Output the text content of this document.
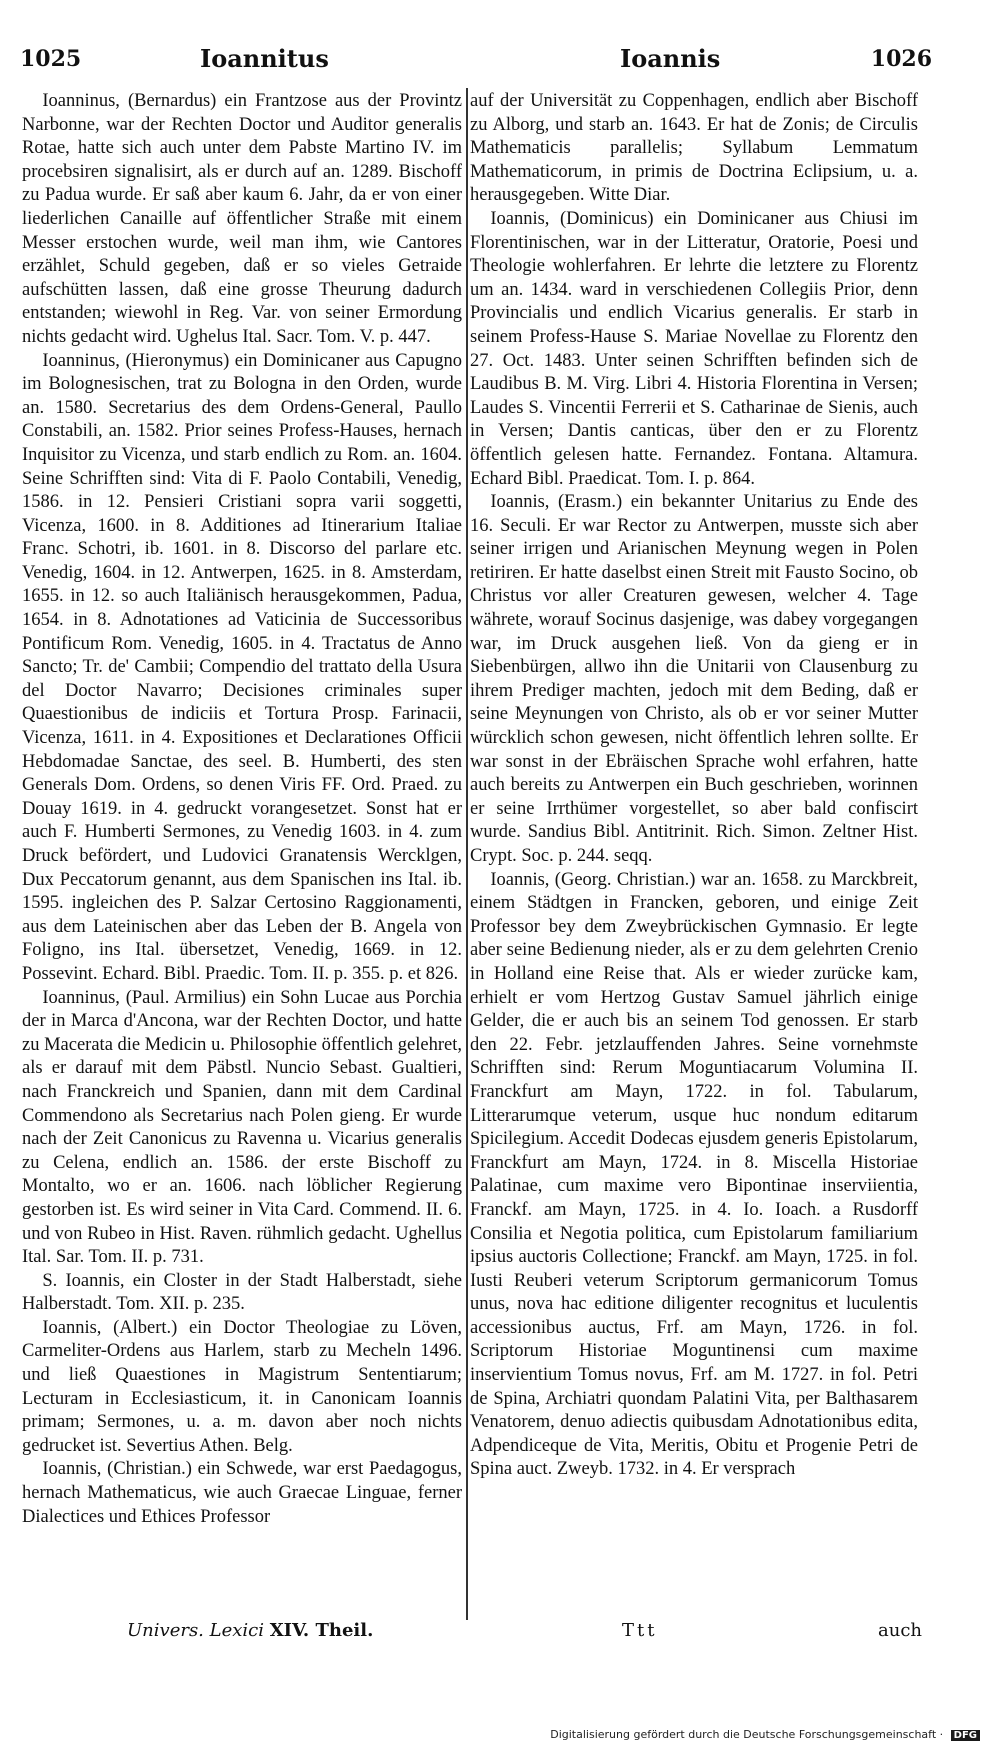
1025	Ioannitus	Ioannis	1026

Ioanninus, (Bernardus) ein Frantzose aus der Provintz Narbonne, war der Rechten Doctor und Auditor generalis Rotae, hatte sich auch unter dem Pabste Martino IV. im procebsiren signalisirt, als er durch auf an. 1289. Bischoff zu Padua wurde. Er saß aber kaum 6. Jahr, da er von einer liederlichen Canaille auf öffentlicher Straße mit einem Messer erstochen wurde, weil man ihm, wie Cantores erzählet, Schuld gegeben, daß er so vieles Getraide aufschütten lassen, daß eine grosse Theurung dadurch entstanden; wiewohl in Reg. Var. von seiner Ermordung nichts gedacht wird. Ughelus Ital. Sacr. Tom. V. p. 447.

Ioanninus, (Hieronymus) ein Dominicaner aus Capugno im Bolognesischen, trat zu Bologna in den Orden, wurde an. 1580. Secretarius des dem Ordens-General, Paullo Constabili, an. 1582. Prior seines Profess-Hauses, hernach Inquisitor zu Vicenza, und starb endlich zu Rom. an. 1604. Seine Schrifften sind: Vita di F. Paolo Contabili, Venedig, 1586. in 12. Pensieri Cristiani sopra varii soggetti, Vicenza, 1600. in 8. Additiones ad Itinerarium Italiae Franc. Schotri, ib. 1601. in 8. Discorso del parlare etc. Venedig, 1604. in 12. Antwerpen, 1625. in 8. Amsterdam, 1655. in 12. so auch Italiänisch herausgekommen, Padua, 1654. in 8. Adnotationes ad Vaticinia de Successoribus Pontificum Rom. Venedig, 1605. in 4. Tractatus de Anno Sancto; Tr. de' Cambii; Compendio del trattato della Usura del Doctor Navarro; Decisiones criminales super Quaestionibus de indiciis et Tortura Prosp. Farinacii, Vicenza, 1611. in 4. Expositiones et Declarationes Officii Hebdomadae Sanctae, des seel. B. Humberti, des sten Generals Dom. Ordens, so denen Viris FF. Ord. Praed. zu Douay 1619. in 4. gedruckt vorangesetzet. Sonst hat er auch F. Humberti Sermones, zu Venedig 1603. in 4. zum Druck befördert, und Ludovici Granatensis Wercklgen, Dux Peccatorum genannt, aus dem Spanischen ins Ital. ib. 1595. ingleichen des P. Salzar Certosino Raggionamenti, aus dem Lateinischen aber das Leben der B. Angela von Foligno, ins Ital. übersetzet, Venedig, 1669. in 12. Possevint. Echard. Bibl. Praedic. Tom. II. p. 355. p. et 826.

Ioanninus, (Paul. Armilius) ein Sohn Lucae aus Porchia der in Marca d'Ancona, war der Rechten Doctor, und hatte zu Macerata die Medicin u. Philosophie öffentlich gelehret, als er darauf mit dem Päbstl. Nuncio Sebast. Gualtieri, nach Franckreich und Spanien, dann mit dem Cardinal Commendono als Secretarius nach Polen gieng. Er wurde nach der Zeit Canonicus zu Ravenna u. Vicarius generalis zu Celena, endlich an. 1586. der erste Bischoff zu Montalto, wo er an. 1606. nach löblicher Regierung gestorben ist. Es wird seiner in Vita Card. Commend. II. 6. und von Rubeo in Hist. Raven. rühmlich gedacht. Ughellus Ital. Sar. Tom. II. p. 731.

S. Ioannis, ein Closter in der Stadt Halberstadt, siehe Halberstadt. Tom. XII. p. 235.

Ioannis, (Albert.) ein Doctor Theologiae zu Löven, Carmeliter-Ordens aus Harlem, starb zu Mecheln 1496. und ließ Quaestiones in Magistrum Sententiarum; Lecturam in Ecclesiasticum, it. in Canonicam Ioannis primam; Sermones, u. a. m. davon aber noch nichts gedrucket ist. Severtius Athen. Belg.

Ioannis, (Christian.) ein Schwede, war erst Paedagogus, hernach Mathematicus, wie auch Graecae Linguae, ferner Dialectices und Ethices Professor

auf der Universität zu Coppenhagen, endlich aber Bischoff zu Alborg, und starb an. 1643. Er hat de Zonis; de Circulis Mathematicis parallelis; Syllabum Lemmatum Mathematicorum, in primis de Doctrina Eclipsium, u. a. herausgegeben. Witte Diar.

Ioannis, (Dominicus) ein Dominicaner aus Chiusi im Florentinischen, war in der Litteratur, Oratorie, Poesi und Theologie wohlerfahren. Er lehrte die letztere zu Florentz um an. 1434. ward in verschiedenen Collegiis Prior, denn Provincialis und endlich Vicarius generalis. Er starb in seinem Profess-Hause S. Mariae Novellae zu Florentz den 27. Oct. 1483. Unter seinen Schrifften befinden sich de Laudibus B. M. Virg. Libri 4. Historia Florentina in Versen; Laudes S. Vincentii Ferrerii et S. Catharinae de Sienis, auch in Versen; Dantis canticas, über den er zu Florentz öffentlich gelesen hatte. Fernandez. Fontana. Altamura. Echard Bibl. Praedicat. Tom. I. p. 864.

Ioannis, (Erasm.) ein bekannter Unitarius zu Ende des 16. Seculi. Er war Rector zu Antwerpen, musste sich aber seiner irrigen und Arianischen Meynung wegen in Polen retiriren. Er hatte daselbst einen Streit mit Fausto Socino, ob Christus vor aller Creaturen gewesen, welcher 4. Tage währete, worauf Socinus dasjenige, was dabey vorgegangen war, im Druck ausgehen ließ. Von da gieng er in Siebenbürgen, allwo ihn die Unitarii von Clausenburg zu ihrem Prediger machten, jedoch mit dem Beding, daß er seine Meynungen von Christo, als ob er vor seiner Mutter würcklich schon gewesen, nicht öffentlich lehren sollte. Er war sonst in der Ebräischen Sprache wohl erfahren, hatte auch bereits zu Antwerpen ein Buch geschrieben, worinnen er seine Irrthümer vorgestellet, so aber bald confiscirt wurde. Sandius Bibl. Antitrinit. Rich. Simon. Zeltner Hist. Crypt. Soc. p. 244. seqq.

Ioannis, (Georg. Christian.) war an. 1658. zu Marckbreit, einem Städtgen in Francken, geboren, und einige Zeit Professor bey dem Zweybrückischen Gymnasio. Er legte aber seine Bedienung nieder, als er zu dem gelehrten Crenio in Holland eine Reise that. Als er wieder zurücke kam, erhielt er vom Hertzog Gustav Samuel jährlich einige Gelder, die er auch bis an seinem Tod genossen. Er starb den 22. Febr. jetzlauffenden Jahres. Seine vornehmste Schrifften sind: Rerum Moguntiacarum Volumina II. Franckfurt am Mayn, 1722. in fol. Tabularum, Litterarumque veterum, usque huc nondum editarum Spicilegium. Accedit Dodecas ejusdem generis Epistolarum, Franckfurt am Mayn, 1724. in 8. Miscella Historiae Palatinae, cum maxime vero Bipontinae inserviientia, Franckf. am Mayn, 1725. in 4. Io. Ioach. a Rusdorff Consilia et Negotia politica, cum Epistolarum familiarium ipsius auctoris Collectione; Franckf. am Mayn, 1725. in fol. Iusti Reuberi veterum Scriptorum germanicorum Tomus unus, nova hac editione diligenter recognitus et luculentis accessionibus auctus, Frf. am Mayn, 1726. in fol. Scriptorum Historiae Moguntinensi cum maxime inservientium Tomus novus, Frf. am M. 1727. in fol. Petri de Spina, Archiatri quondam Palatini Vita, per Balthasarem Venatorem, denuo adiectis quibusdam Adnotationibus edita, Adpendiceque de Vita, Meritis, Obitu et Progenie Petri de Spina auct. Zweyb. 1732. in 4. Er versprach

Univers. Lexici XIV. Theil.	Ttt	auch
Digitalisierung gefördert durch die Deutsche Forschungsgemeinschaft · DFG
